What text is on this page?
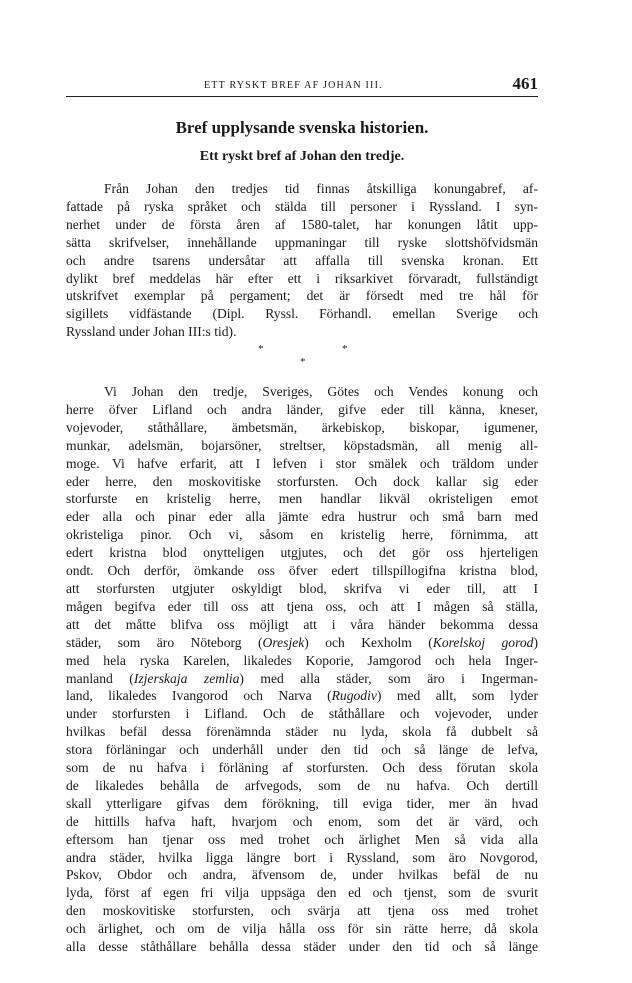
ETT RYSKT BREF AF JOHAN III.	461
Bref upplysande svenska historien.
Ett ryskt bref af Johan den tredje.
Från Johan den tredjes tid finnas åtskilliga konungabref, af-
fattade på ryska språket och stälda till personer i Ryssland. I syn-
nerhet under de första åren af 1580-talet, har konungen låtit upp-
sätta skrifvelser, innehållande uppmaningar till ryske slottshöfvidsmän
och andre tsarens undersåtar att affalla till svenska kronan. Ett
dylikt bref meddelas här efter ett i riksarkivet förvaradt, fullständigt
utskrifvet exemplar på pergament; det är försedt med tre hål för
sigillets vidfästande (Dipl. Ryssl. Förhandl. emellan Sverige och
Ryssland under Johan III:s tid).
*	*
*
Vi Johan den tredje, Sveriges, Götes och Vendes konung och
herre öfver Lifland och andra länder, gifve eder till känna, kneser,
vojevoder, ståthållare, ämbetsmän, ärkebiskop, biskopar, igumener,
munkar, adelsmän, bojarsöner, streltser, köpstadsmän, all menig all-
moge. Vi hafve erfarit, att I lefven i stor smälek och träldom under
eder herre, den moskovitiske storfursten. Och dock kallar sig eder
storfurste en kristelig herre, men handlar likväl okristeligen emot
eder alla och pinar eder alla jämte edra hustrur och små barn med
okristeliga pinor. Och vi, såsom en kristelig herre, förnimma, att
edert kristna blod onytteligen utgjutes, och det gör oss hjerteligen
ondt. Och derför, ömkande oss öfver edert tillspillogifna kristna blod,
att storfursten utgjuter oskyldigt blod, skrifva vi eder till, att I
mågen begifva eder till oss att tjena oss, och att I mågen så ställa,
att det måtte blifva oss möjligt att i våra händer bekomma dessa
städer, som äro Nöteborg (Oresjek) och Kexholm (Korelskoj gorod)
med hela ryska Karelen, likaledes Koporie, Jamgorod och hela Inger-
manland (Izjerskaja zemlia) med alla städer, som äro i Ingerman-
land, likaledes Ivangorod och Narva (Rugodiv) med allt, som lyder
under storfursten i Lifland. Och de ståthållare och vojevoder, under
hvilkas befäl dessa förenämnda städer nu lyda, skola få dubbelt så
stora förläningar och underhåll under den tid och så länge de lefva,
som de nu hafva i förläning af storfursten. Och dess förutan skola
de likaledes behålla de arfvegods, som de nu hafva. Och dertill
skall ytterligare gifvas dem förökning, till eviga tider, mer än hvad
de hittills hafva haft, hvarjom och enom, som det är värd, och
eftersom han tjenar oss med trohet och ärlighet Men så vida alla
andra städer, hvilka ligga längre bort i Ryssland, som äro Novgorod,
Pskov, Obdor och andra, äfvensom de, under hvilkas befäl de nu
lyda, först af egen fri vilja uppsäga den ed och tjenst, som de svurit
den moskovitiske storfursten, och svärja att tjena oss med trohet
och ärlighet, och om de vilja hålla oss för sin rätte herre, då skola
alla desse ståthållare behålla dessa städer under den tid och så länge
